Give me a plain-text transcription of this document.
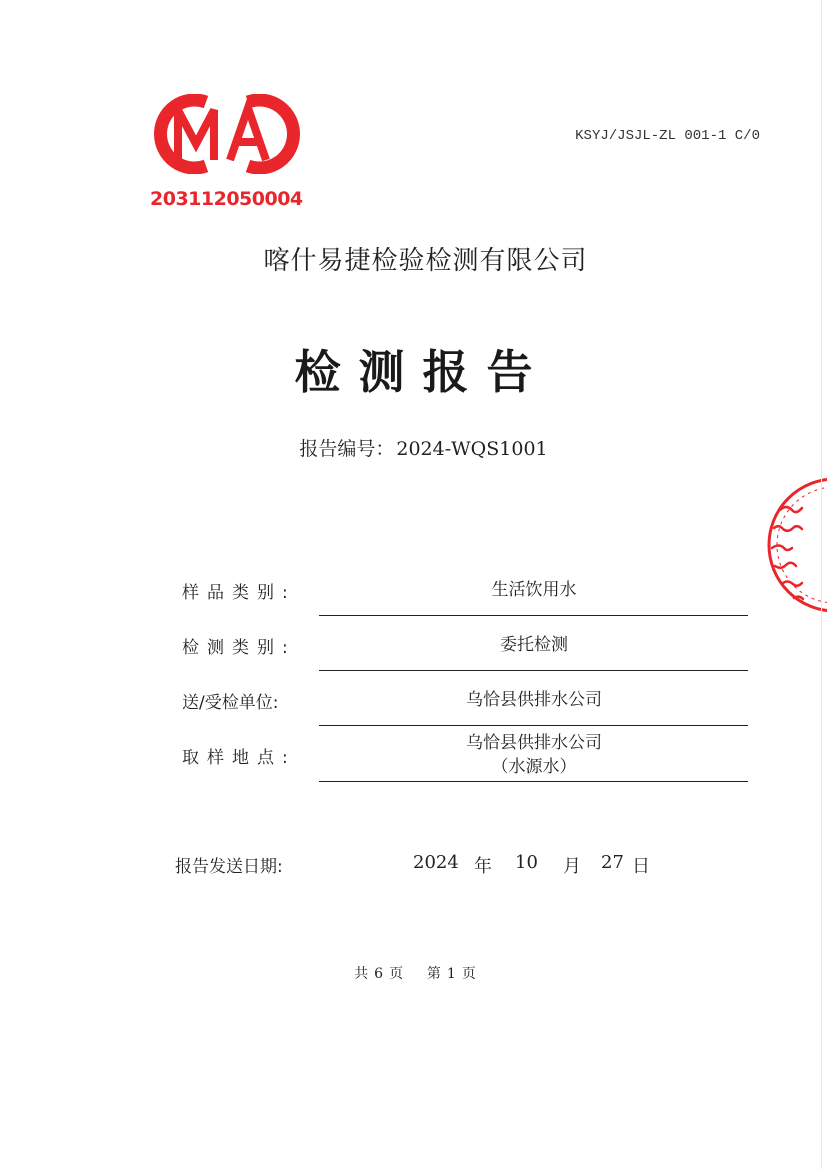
203112050004
KSYJ/JSJL-ZL 001-1 C/0
喀什易捷检验检测有限公司
检测报告
报告编号： 2024-WQS1001
样品类别:	生活饮用水
检测类别:	委托检测
送/受检单位:	乌恰县供排水公司
取样地点:
乌恰县供排水公司
（水源水）
报告发送日期:	2024 年 10 月 27 日
共 6 页 第 1 页
